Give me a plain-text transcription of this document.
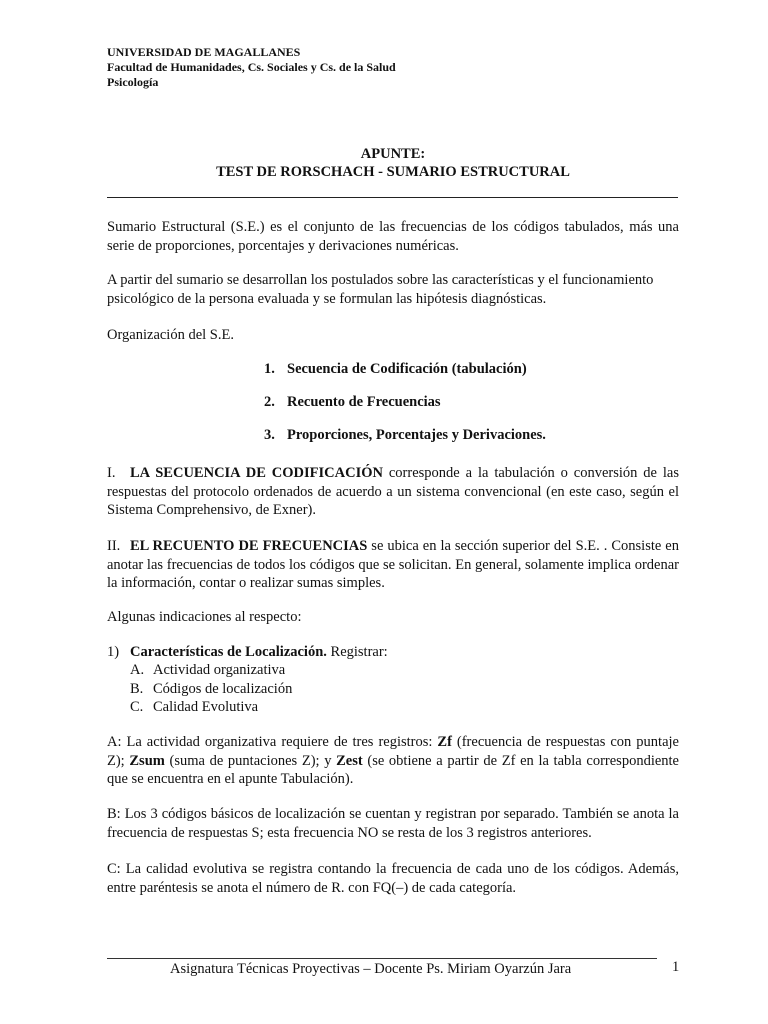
UNIVERSIDAD DE MAGALLANES
Facultad de Humanidades, Cs. Sociales y Cs. de la Salud
Psicología
APUNTE:
TEST DE RORSCHACH - SUMARIO ESTRUCTURAL
Sumario Estructural (S.E.) es el conjunto de las frecuencias de los códigos tabulados, más una serie de proporciones, porcentajes y derivaciones numéricas.
A partir del sumario se desarrollan los postulados sobre las características y el funcionamiento psicológico de la persona evaluada y se formulan las hipótesis diagnósticas.
Organización del S.E.
1. Secuencia de Codificación (tabulación)
2. Recuento de Frecuencias
3. Proporciones, Porcentajes y Derivaciones.
I. LA SECUENCIA DE CODIFICACIÓN corresponde a la tabulación o conversión de las respuestas del protocolo ordenados de acuerdo a un sistema convencional (en este caso, según el Sistema Comprehensivo, de Exner).
II. EL RECUENTO DE FRECUENCIAS se ubica en la sección superior del S.E. . Consiste en anotar las frecuencias de todos los códigos que se solicitan. En general, solamente implica ordenar la información, contar o realizar sumas simples.
Algunas indicaciones al respecto:
1) Características de Localización. Registrar:
A. Actividad organizativa
B. Códigos de localización
C. Calidad Evolutiva
A: La actividad organizativa requiere de tres registros: Zf (frecuencia de respuestas con puntaje Z); Zsum (suma de puntaciones Z); y Zest (se obtiene a partir de Zf en la tabla correspondiente que se encuentra en el apunte Tabulación).
B: Los 3 códigos básicos de localización se cuentan y registran por separado. También se anota la frecuencia de respuestas S; esta frecuencia NO se resta de los 3 registros anteriores.
C: La calidad evolutiva se registra contando la frecuencia de cada uno de los códigos. Además, entre paréntesis se anota el número de R. con FQ(–) de cada categoría.
Asignatura Técnicas Proyectivas – Docente Ps. Miriam Oyarzún Jara	1
